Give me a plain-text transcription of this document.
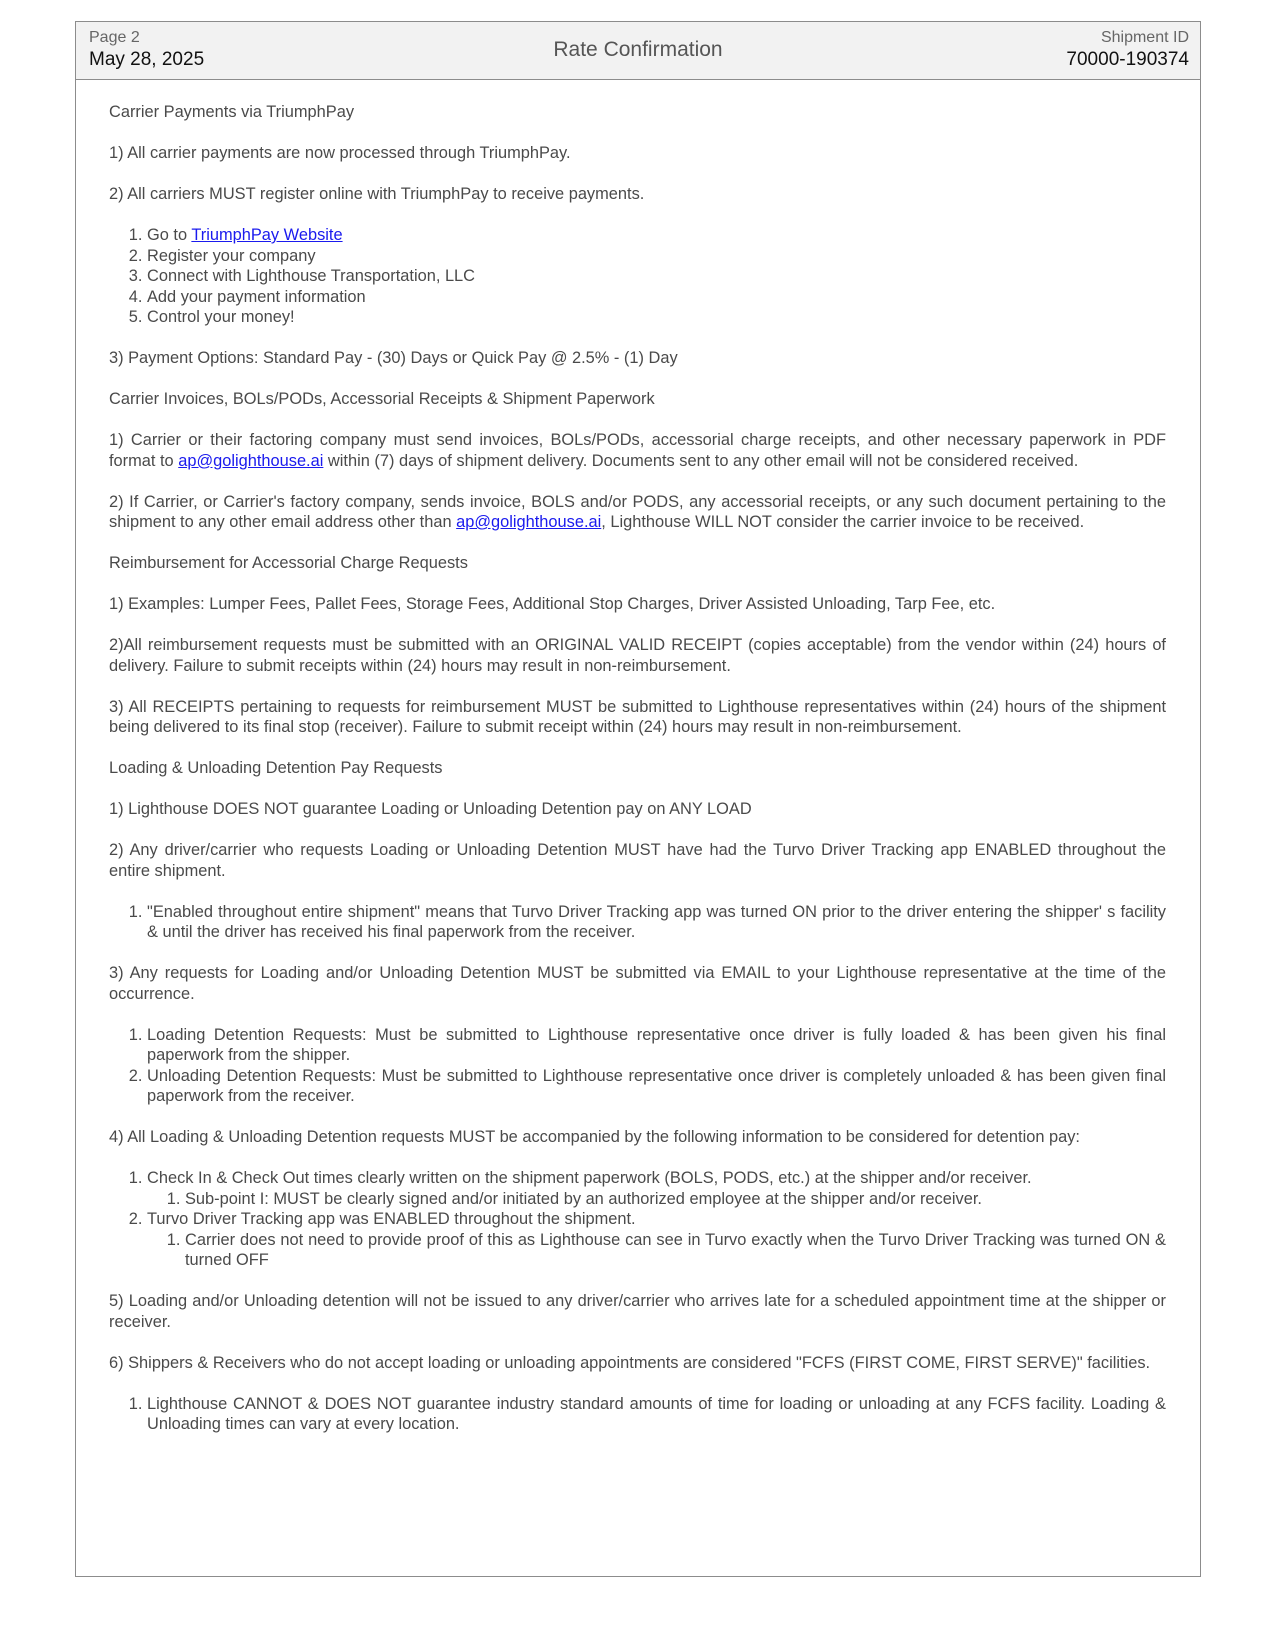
Page 2
May 28, 2025	Rate Confirmation
Shipment ID
70000-190374

Carrier Payments via TriumphPay

1) All carrier payments are now processed through TriumphPay.

2) All carriers MUST register online with TriumphPay to receive payments.

1. Go to TriumphPay Website
2. Register your company
3. Connect with Lighthouse Transportation, LLC
4. Add your payment information
5. Control your money!

3) Payment Options: Standard Pay - (30) Days or Quick Pay @ 2.5% - (1) Day

Carrier Invoices, BOLs/PODs, Accessorial Receipts & Shipment Paperwork

1) Carrier or their factoring company must send invoices, BOLs/PODs, accessorial charge receipts, and other necessary paperwork in PDF format to ap@golighthouse.ai within (7) days of shipment delivery. Documents sent to any other email will not be considered received.

2) If Carrier, or Carrier's factory company, sends invoice, BOLS and/or PODS, any accessorial receipts, or any such document pertaining to the shipment to any other email address other than ap@golighthouse.ai, Lighthouse WILL NOT consider the carrier invoice to be received.

Reimbursement for Accessorial Charge Requests

1) Examples: Lumper Fees, Pallet Fees, Storage Fees, Additional Stop Charges, Driver Assisted Unloading, Tarp Fee, etc.

2)All reimbursement requests must be submitted with an ORIGINAL VALID RECEIPT (copies acceptable) from the vendor within (24) hours of delivery. Failure to submit receipts within (24) hours may result in non-reimbursement.

3) All RECEIPTS pertaining to requests for reimbursement MUST be submitted to Lighthouse representatives within (24) hours of the shipment being delivered to its final stop (receiver). Failure to submit receipt within (24) hours may result in non-reimbursement.

Loading & Unloading Detention Pay Requests

1) Lighthouse DOES NOT guarantee Loading or Unloading Detention pay on ANY LOAD

2) Any driver/carrier who requests Loading or Unloading Detention MUST have had the Turvo Driver Tracking app ENABLED throughout the entire shipment.

1. "Enabled throughout entire shipment" means that Turvo Driver Tracking app was turned ON prior to the driver entering the shipper' s facility & until the driver has received his final paperwork from the receiver.

3) Any requests for Loading and/or Unloading Detention MUST be submitted via EMAIL to your Lighthouse representative at the time of the occurrence.

1. Loading Detention Requests: Must be submitted to Lighthouse representative once driver is fully loaded & has been given his final paperwork from the shipper.
2. Unloading Detention Requests: Must be submitted to Lighthouse representative once driver is completely unloaded & has been given final paperwork from the receiver.

4) All Loading & Unloading Detention requests MUST be accompanied by the following information to be considered for detention pay:

1. Check In & Check Out times clearly written on the shipment paperwork (BOLS, PODS, etc.) at the shipper and/or receiver.
1. Sub-point I: MUST be clearly signed and/or initiated by an authorized employee at the shipper and/or receiver.
2. Turvo Driver Tracking app was ENABLED throughout the shipment.
1. Carrier does not need to provide proof of this as Lighthouse can see in Turvo exactly when the Turvo Driver Tracking was turned ON & turned OFF

5) Loading and/or Unloading detention will not be issued to any driver/carrier who arrives late for a scheduled appointment time at the shipper or receiver.

6) Shippers & Receivers who do not accept loading or unloading appointments are considered "FCFS (FIRST COME, FIRST SERVE)" facilities.

1. Lighthouse CANNOT & DOES NOT guarantee industry standard amounts of time for loading or unloading at any FCFS facility. Loading & Unloading times can vary at every location.
